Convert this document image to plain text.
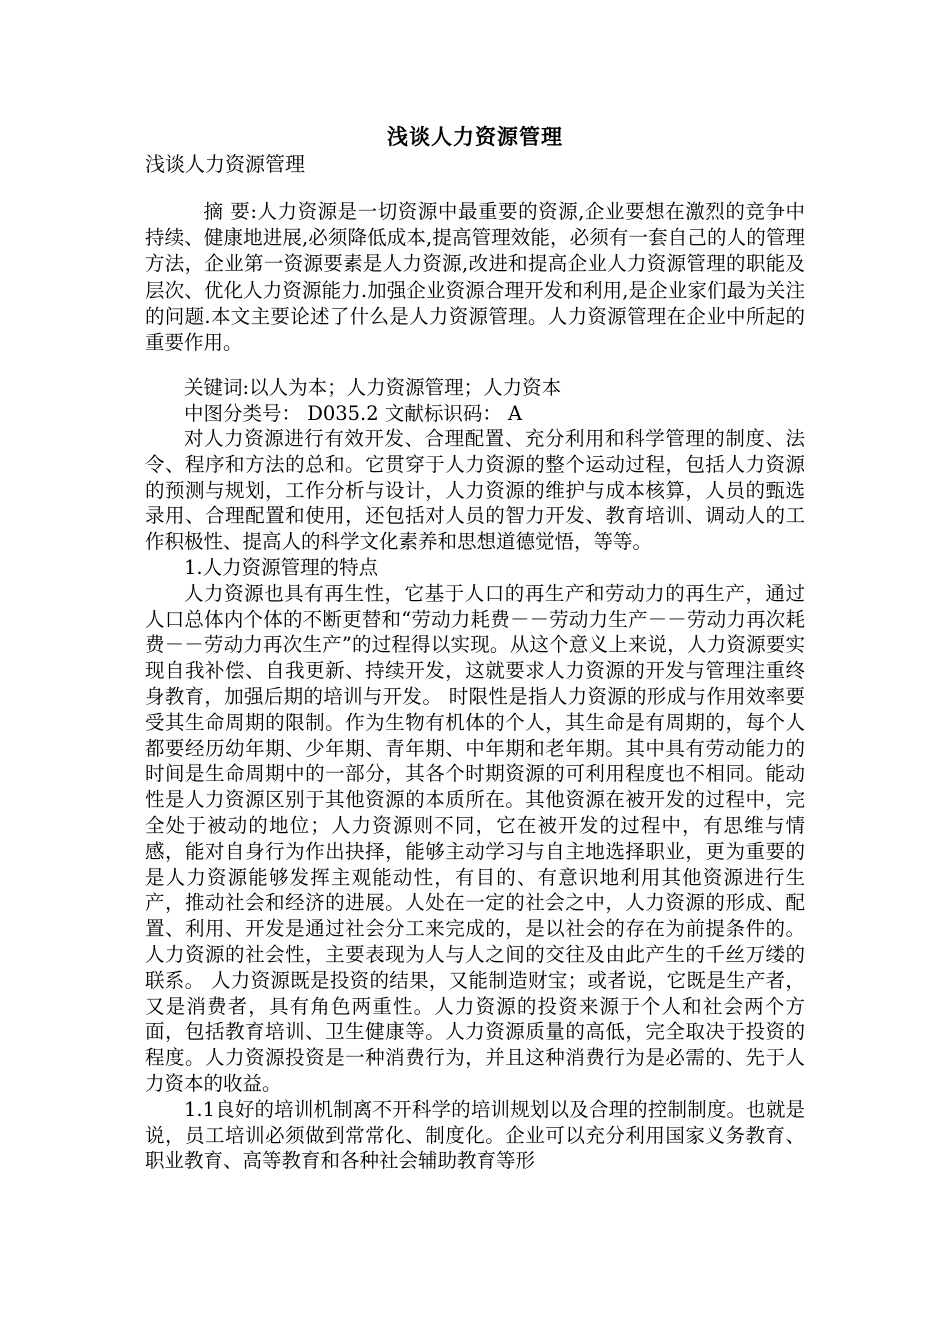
浅谈人力资源管理
浅谈人力资源管理

摘 要:人力资源是一切资源中最重要的资源,企业要想在激烈的竞争中持续、健康地进展,必须降低成本,提高管理效能，必须有一套自己的人的管理方法，企业第一资源要素是人力资源,改进和提高企业人力资源管理的职能及层次、优化人力资源能力.加强企业资源合理开发和利用,是企业家们最为关注的问题.本文主要论述了什么是人力资源管理。人力资源管理在企业中所起的重要作用。

关键词:以人为本；人力资源管理；人力资本

中图分类号： D035.2 文献标识码： A

对人力资源进行有效开发、合理配置、充分利用和科学管理的制度、法令、程序和方法的总和。它贯穿于人力资源的整个运动过程，包括人力资源的预测与规划，工作分析与设计，人力资源的维护与成本核算，人员的甄选录用、合理配置和使用，还包括对人员的智力开发、教育培训、调动人的工作积极性、提高人的科学文化素养和思想道德觉悟，等等。

1.人力资源管理的特点

人力资源也具有再生性，它基于人口的再生产和劳动力的再生产，通过人口总体内个体的不断更替和“劳动力耗费－－劳动力生产－－劳动力再次耗费－－劳动力再次生产”的过程得以实现。从这个意义上来说，人力资源要实现自我补偿、自我更新、持续开发，这就要求人力资源的开发与管理注重终身教育，加强后期的培训与开发。 时限性是指人力资源的形成与作用效率要受其生命周期的限制。作为生物有机体的个人，其生命是有周期的，每个人都要经历幼年期、少年期、青年期、中年期和老年期。其中具有劳动能力的时间是生命周期中的一部分，其各个时期资源的可利用程度也不相同。能动性是人力资源区别于其他资源的本质所在。其他资源在被开发的过程中，完全处于被动的地位；人力资源则不同，它在被开发的过程中，有思维与情感，能对自身行为作出抉择，能够主动学习与自主地选择职业，更为重要的是人力资源能够发挥主观能动性，有目的、有意识地利用其他资源进行生产，推动社会和经济的进展。人处在一定的社会之中，人力资源的形成、配置、利用、开发是通过社会分工来完成的，是以社会的存在为前提条件的。人力资源的社会性，主要表现为人与人之间的交往及由此产生的千丝万缕的联系。 人力资源既是投资的结果，又能制造财宝；或者说，它既是生产者，又是消费者，具有角色两重性。人力资源的投资来源于个人和社会两个方面，包括教育培训、卫生健康等。人力资源质量的高低，完全取决于投资的程度。人力资源投资是一种消费行为，并且这种消费行为是必需的、先于人力资本的收益。

1.1良好的培训机制离不开科学的培训规划以及合理的控制制度。也就是说，员工培训必须做到常常化、制度化。企业可以充分利用国家义务教育、职业教育、高等教育和各种社会辅助教育等形
